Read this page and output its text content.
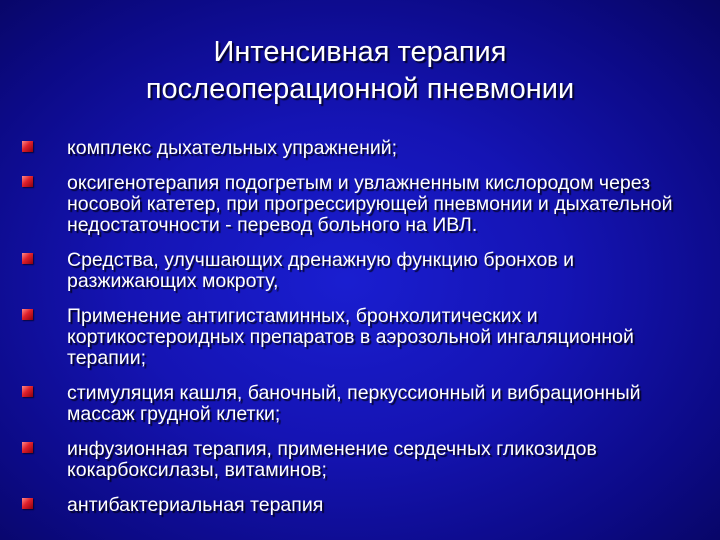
Интенсивная терапия
послеоперационной пневмонии
комплекс дыхательных упражнений;
оксигенотерапия подогретым и увлажненным кислородом через носовой катетер, при прогрессирующей пневмонии и дыхательной недостаточности - перевод больного на ИВЛ.
Средства, улучшающих дренажную функцию бронхов и разжижающих мокроту,
Применение антигистаминных, бронхолитических и кортикостероидных препаратов в аэрозольной ингаляционной терапии;
стимуляция кашля, баночный, перкуссионный и вибрационный массаж грудной клетки;
инфузионная терапия, применение сердечных гликозидов кокарбоксилазы, витаминов;
антибактериальная терапия
